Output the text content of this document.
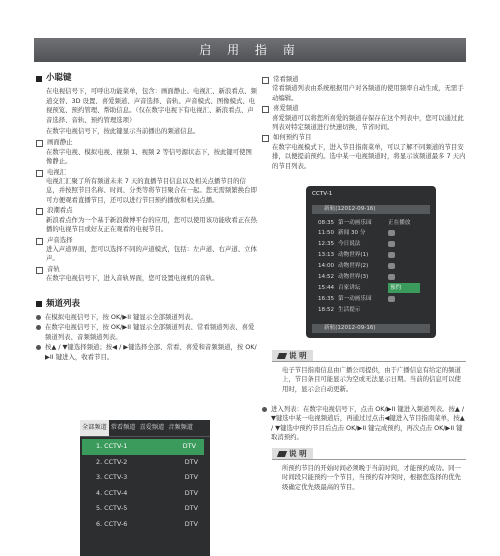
启 用 指 南
小聪键
在电视信号下，可呼出功能菜单，包含：画面静止、电视汇、新浪看点、频道交替、3D 设置、喜爱频道、声音选择、音轨、声音模式、图像模式、电视预览、预约管理、帮助信息。（仅在数字电视下有电视汇、新浪看点、声音选择、音轨、预约管理选项）
在数字电视信号下，按此键显示当前播出的频道信息。
画面静止
在数字电视、模拟电视、视频 1、视频 2 等信号源状态下，按此键可使图像静止。
电视汇
电视汇汇聚了所有频道未来 7 天的直播节目信息以及相关点播节目的信息，并按照节目名称、时间、分类等将节目聚合在一起。您无需频繁换台即可方便观看直播节目，还可以进行节目预约播放和相关点播。
浪潮看点
新浪看点作为一个基于新浪微博平台的应用，您可以使用该功能收看正在热播的电视节目或好友正在观看的电视节目。
声音选择
进入声道界面，您可以选择不同的声道模式，包括：左声道、右声道、立体声。
音轨
在数字电视信号下，进入音轨界面，您可设置电视机的音轨。
频道列表
在模拟电视信号下，按 OK/▶II 键显示全部频道列表。
在数字电视信号下，按 OK/▶II 键显示全部频道列表、常看频道列表、喜爱频道列表、音频频道列表。
按▲ / ▼键选择频道；按◀ / ▶键选择全部、常看、喜爱和音频频道，按 OK/▶II 键进入，收看节目。
常看频道
常看频道列表由系统根据用户对各频道的使用频率自动生成，无需手动编辑。
喜爱频道
喜爱频道可以将您所喜爱的频道存保存在这个列表中，您可以通过此列表对特定频道进行快速切换，节省时间。
如何预约节目
在数字电视模式下，进入节目指南菜单，可以了解不同频道的节目安排，以便提前预约。选中某一电视频道时，将显示该频道最多 7 天内的节目列表。
CCTV-1
新航(12012-09-16)
08:35 第一动画乐园	正在播放
11:50 新闻 30 分
12:35 今日说法
13:13 动物世界(1)
14:00 动物世界(2)
14:52 动物世界(3)
15:44 百家讲坛	预约
16:35 第一动画乐园
18:52 生活提示
新航(12012-09-16)
说 明
电子节目指南信息由广播公司提供，由于广播信息有给定的频道上，节目条目可能显示为空或无法显示日期。当前的信息可以使用时，显示会自动更新。
进入列表：在数字电视信号下，点击 OK/▶II 键进入频道列表。按▲ / ▼键选中某一电视频道后，再通过过点击◀键进入节目指南菜单，按▲ / ▼键选中预约节目后点击 OK/▶II 键完成预约，再次点击 OK/▶II 键取消预约。
说 明
所预约节目的开始时间必须晚于当前时间，才能预约成功。同一时间段只能预约一个节目，当预约有冲突时，根据您选择的优先级确定优先级最高的节目。
全部频道 常看频道 喜爱频道 音频频道
1. CCTV-1	DTV
2. CCTV-2	DTV
3. CCTV-3	DTV
4. CCTV-4	DTV
5. CCTV-5	DTV
6. CCTV-6	DTV
